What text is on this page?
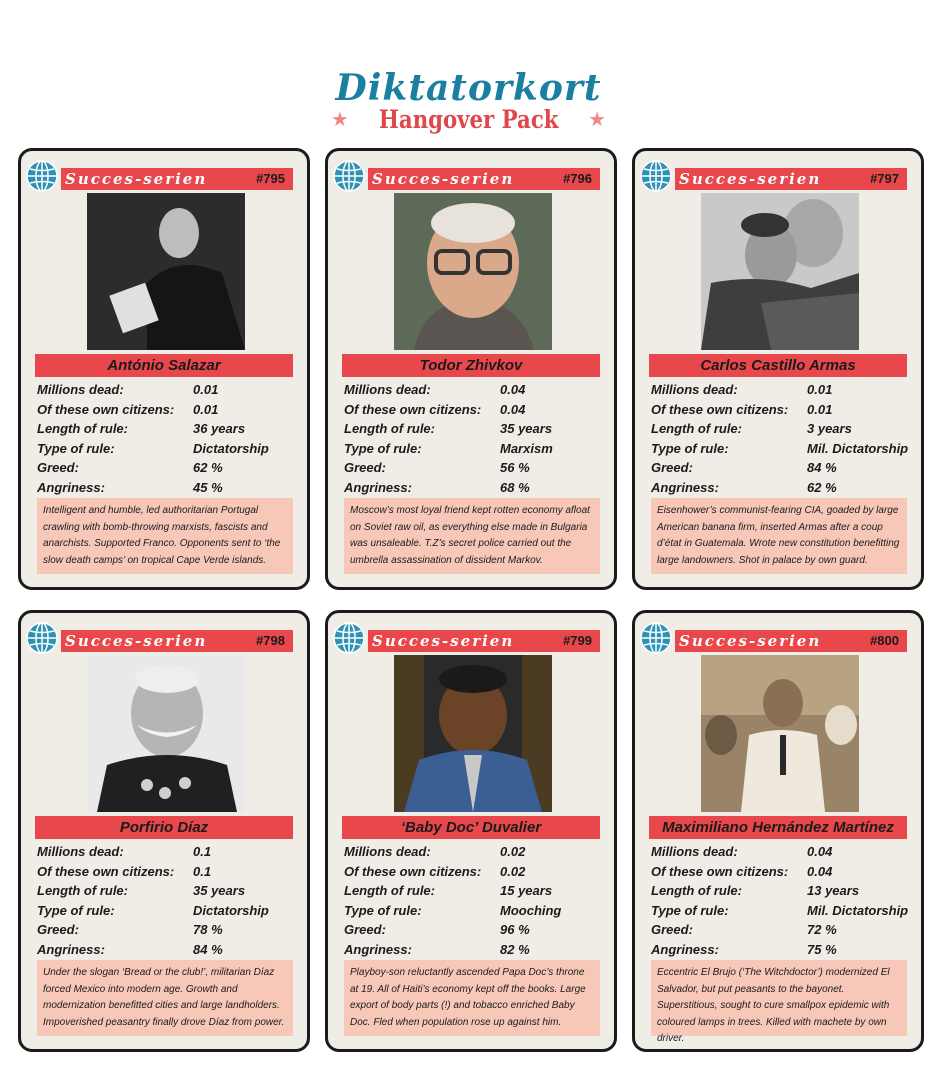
Diktatorkort
★ Hangover Pack ★
Succes-serien	#795
António Salazar
Millions dead:	0.01
Of these own citizens: 0.01
Length of rule:	36 years
Type of rule:	Dictatorship
Greed:	62 %
Angriness:	45 %
Intelligent and humble, led authoritarian Portugal crawling with bomb-throwing marxists, fascists and anarchists. Supported Franco. Opponents sent to ‘the slow death camps’ on tropical Cape Verde islands.
Succes-serien	#796
Todor Zhivkov
Millions dead:	0.04
Of these own citizens: 0.04
Length of rule:	35 years
Type of rule:	Marxism
Greed:	56 %
Angriness:	68 %
Moscow’s most loyal friend kept rotten economy afloat on Soviet raw oil, as everything else made in Bulgaria was unsaleable. T.Z’s secret police carried out the umbrella assassination of dissident Markov.
Succes-serien	#797
Carlos Castillo Armas
Millions dead:	0.01
Of these own citizens: 0.01
Length of rule:	3 years
Type of rule:	Mil. Dictatorship
Greed:	84 %
Angriness:	62 %
Eisenhower’s communist-fearing CIA, goaded by large American banana firm, inserted Armas after a coup d’état in Guatemala. Wrote new constitution benefitting large landowners. Shot in palace by own guard.
Succes-serien	#798
Porfirio Díaz
Millions dead:	0.1
Of these own citizens: 0.1
Length of rule:	35 years
Type of rule:	Dictatorship
Greed:	78 %
Angriness:	84 %
Under the slogan ‘Bread or the club!’, militarian Díaz forced Mexico into modern age. Growth and modernization benefitted cities and large landholders. Impoverished peasantry finally drove Díaz from power.
Succes-serien	#799
‘Baby Doc’ Duvalier
Millions dead:	0.02
Of these own citizens: 0.02
Length of rule:	15 years
Type of rule:	Mooching
Greed:	96 %
Angriness:	82 %
Playboy-son reluctantly ascended Papa Doc’s throne at 19. All of Haiti’s economy kept off the books. Large export of body parts (!) and tobacco enriched Baby Doc. Fled when population rose up against him.
Succes-serien	#800
Maximiliano Hernández Martínez
Millions dead:	0.04
Of these own citizens: 0.04
Length of rule:	13 years
Type of rule:	Mil. Dictatorship
Greed:	72 %
Angriness:	75 %
Eccentric El Brujo (‘The Witchdoctor’) modernized El Salvador, but put peasants to the bayonet. Superstitious, sought to cure smallpox epidemic with coloured lamps in trees. Killed with machete by own driver.
